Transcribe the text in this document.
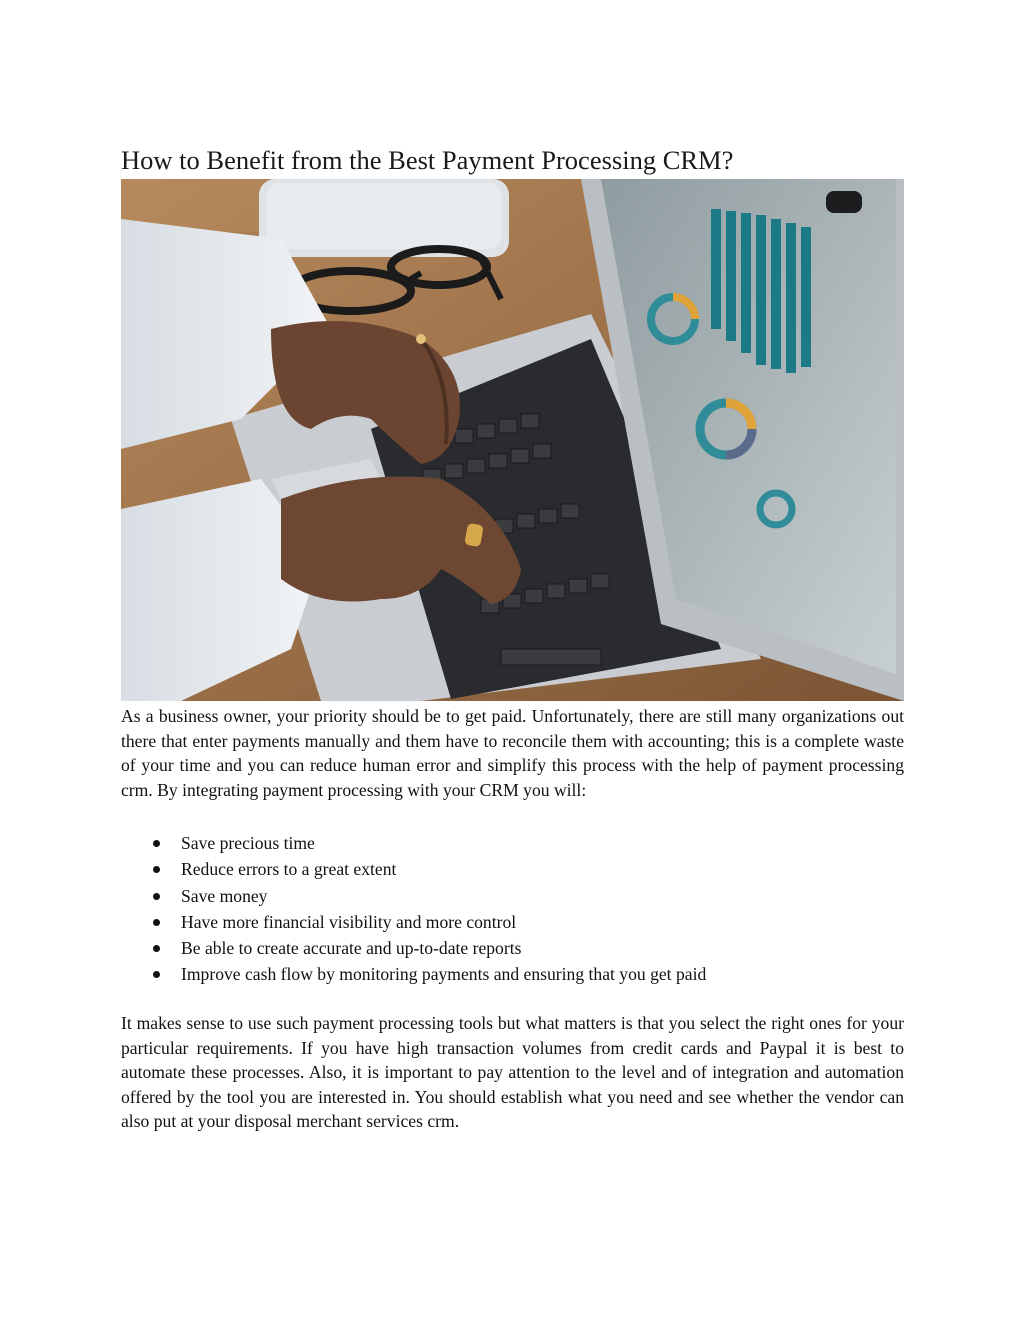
How to Benefit from the Best Payment Processing CRM?

As a business owner, your priority should be to get paid. Unfortunately, there are still many organizations out there that enter payments manually and them have to reconcile them with accounting; this is a complete waste of your time and you can reduce human error and simplify this process with the help of payment processing crm. By integrating payment processing with your CRM you will:

Save precious time
Reduce errors to a great extent
Save money
Have more financial visibility and more control
Be able to create accurate and up-to-date reports
Improve cash flow by monitoring payments and ensuring that you get paid

It makes sense to use such payment processing tools but what matters is that you select the right ones for your particular requirements. If you have high transaction volumes from credit cards and Paypal it is best to automate these processes. Also, it is important to pay attention to the level and of integration and automation offered by the tool you are interested in. You should establish what you need and see whether the vendor can also put at your disposal merchant services crm.
